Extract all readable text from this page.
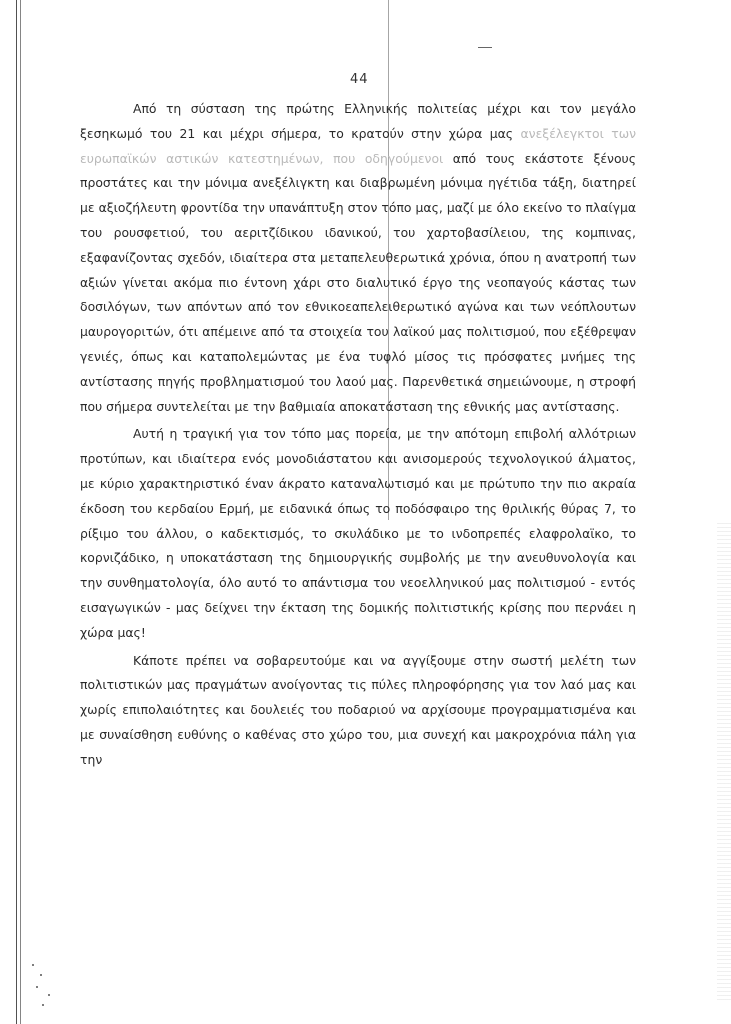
44

Από τη σύσταση της πρώτης Ελληνικής πολιτείας μέχρι και τον μεγάλο ξεσηκωμό του 21 και μέχρι σήμερα, το κρατούν στην χώρα μας ανεξέλεγκτοι των ευρωπαϊκών αστικών κατεστημένων, που οδηγούμενοι από τους εκάστοτε ξένους προστάτες και την μόνιμα ανεξέλιγκτη και διαβρωμένη μόνιμα ηγέτιδα τάξη, διατηρεί με αξιοζήλευτη φροντίδα την υπανάπτυξη στον τόπο μας, μαζί με όλο εκείνο το πλαίγμα του ρουσφετιού, του αεριτζίδικου ιδανικού, του χαρτοβασίλειου, της κομπινας, εξαφανίζοντας σχεδόν, ιδιαίτερα στα μεταπελευθερωτικά χρόνια, όπου η ανατροπή των αξιών γίνεται ακόμα πιο έντονη χάρι στο διαλυτικό έργο της νεοπαγούς κάστας των δοσιλόγων, των απόντων από τον εθνικοεαπελειθερωτικό αγώνα και των νεόπλουτων μαυρογοριτών, ότι απέμεινε από τα στοιχεία του λαϊκού μας πολιτισμού, που εξέθρεψαν γενιές, όπως και καταπολεμώντας με ένα τυφλό μίσος τις πρόσφατες μνήμες της αντίστασης πηγής προβληματισμού του λαού μας. Παρενθετικά σημειώνουμε, η στροφή που σήμερα συντελείται με την βαθμιαία αποκατάσταση της εθνικής μας αντίστασης.

Αυτή η τραγική για τον τόπο μας πορεία, με την απότομη επιβολή αλλότριων προτύπων, και ιδιαίτερα ενός μονοδιάστατου και ανισομερούς τεχνολογικού άλματος, με κύριο χαρακτηριστικό έναν άκρατο καταναλωτισμό και με πρώτυπο την πιο ακραία έκδοση του κερδαίου Ερμή, με ειδανικά όπως το ποδόσφαιρο της θριλικής θύρας 7, το ρίξιμο του άλλου, ο καδεκτισμός, το σκυλάδικο με το ινδοπρεπές ελαφρολαϊκο, το κορνιζάδικο, η υποκατάσταση της δημιουργικής συμβολής με την ανευθυνολογία και την συνθηματολογία, όλο αυτό το απάντισμα του νεοελληνικού μας πολιτισμού - εντός εισαγωγικών - μας δείχνει την έκταση της δομικής πολιτιστικής κρίσης που περνάει η χώρα μας!

Κάποτε πρέπει να σοβαρευτούμε και να αγγίξουμε στην σωστή μελέτη των πολιτιστικών μας πραγμάτων ανοίγοντας τις πύλες πληροφόρησης για τον λαό μας και χωρίς επιπολαιότητες και δουλειές του ποδαριού να αρχίσουμε προγραμματισμένα και με συναίσθηση ευθύνης ο καθένας στο χώρο του, μια συνεχή και μακροχρόνια πάλη για την
